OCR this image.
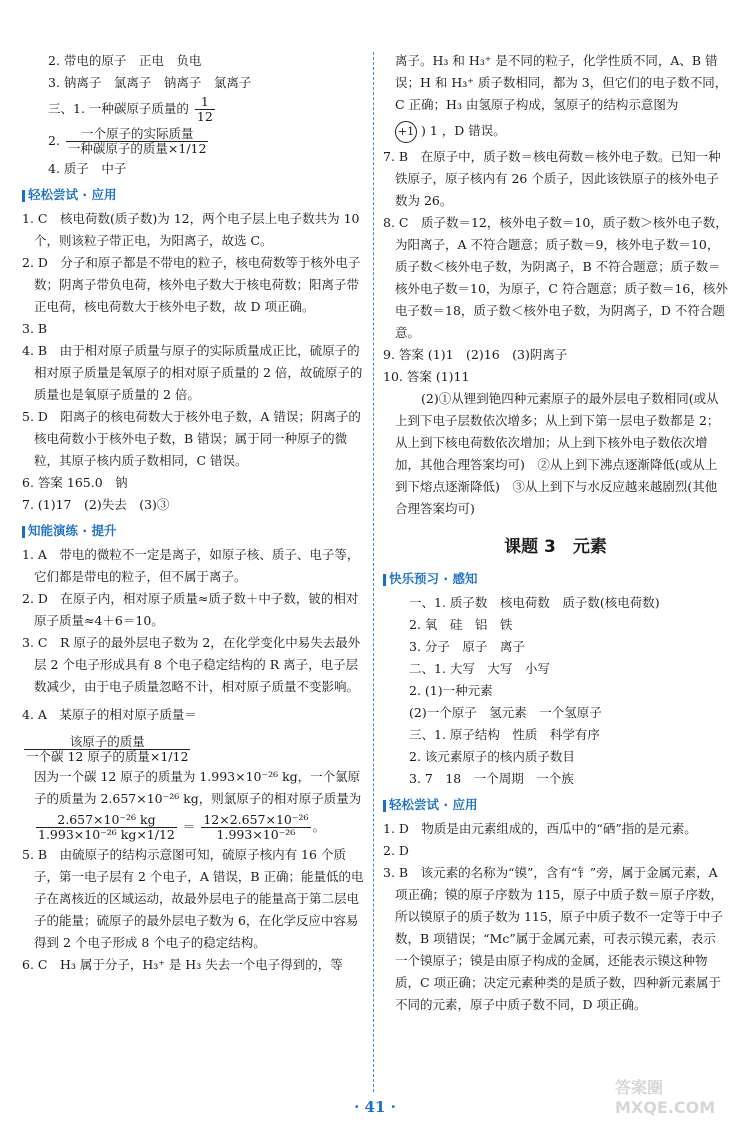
2. 带电的原子　正电　负电

3. 钠离子　氯离子　钠离子　氯离子

三、1. 一种碳原子质量的 $\frac{1}{12}$

2. $\frac{\text{一个原子的实际质量}}{\text{一种碳原子的质量×1/12}}$

4. 质子　中子

轻松尝试 · 应用

1. C　核电荷数(质子数)为 12，两个电子层上电子数共为 10 个，则该粒子带正电，为阳离子，故选 C。

2. D　分子和原子都是不带电的粒子，核电荷数等于核外电子数；阴离子带负电荷，核外电子数大于核电荷数；阳离子带正电荷，核电荷数大于核外电子数，故 D 项正确。

3. B

4. B　由于相对原子质量与原子的实际质量成正比，硫原子的相对原子质量是氧原子的相对原子质量的 2 倍，故硫原子的质量也是氧原子质量的 2 倍。

5. D　阳离子的核电荷数大于核外电子数，A 错误；阴离子的核电荷数小于核外电子数，B 错误；属于同一种原子的微粒，其原子核内质子数相同，C 错误。

6. 答案 165.0　钠

7. (1)17　(2)失去　(3)③

知能演练 · 提升

1. A　带电的微粒不一定是离子，如原子核、质子、电子等，它们都是带电的粒子，但不属于离子。

2. D　在原子内，相对原子质量≈质子数＋中子数，铍的相对原子质量≈4＋6＝10。

3. C　R 原子的最外层电子数为 2，在化学变化中易失去最外层 2 个电子形成具有 8 个电子稳定结构的 R 离子，电子层数减少，由于电子质量忽略不计，相对原子质量不变影响。

4. A　某原子的相对原子质量＝
$\frac{\text{该原子的质量}}{\text{一个碳 12 原子的质量×1/12}}$

因为一个碳 12 原子的质量为 1.993×10⁻²⁶ kg，一个氯原子的质量为 2.657×10⁻²⁶ kg，则氯原子的相对原子质量为

$\frac{\text{2.657×10⁻²⁶ kg}}{\text{1.993×10⁻²⁶ kg×1/12}} = \frac{\text{12×2.657×10⁻²⁶}}{\text{1.993×10⁻²⁶}}$ 。

5. B　由硫原子的结构示意图可知，硫原子核内有 16 个质子，第一电子层有 2 个电子，A 错误，B 正确；能量低的电子在离核近的区域运动，故最外层电子的能量高于第二层电子的能量；硫原子的最外层电子数为 6，在化学反应中容易得到 2 个电子形成 8 个电子的稳定结构。

6. C　H₃ 属于分子，H₃⁺ 是 H₃ 失去一个电子得到的，等

离子。H₃ 和 H₃⁺ 是不同的粒子，化学性质不同，A、B 错误；H 和 H₃⁺ 质子数相同，都为 3，但它们的电子数不同，C 正确；H₃ 由氢原子构成，氢原子的结构示意图为

+1 ) 1 ，D 错误。

7. B　在原子中，质子数＝核电荷数＝核外电子数。已知一种铁原子，原子核内有 26 个质子，因此该铁原子的核外电子数为 26。

8. C　质子数＝12，核外电子数＝10，质子数＞核外电子数，为阳离子，A 不符合题意；质子数＝9，核外电子数＝10，质子数＜核外电子数，为阴离子，B 不符合题意；质子数＝核外电子数＝10，为原子，C 符合题意；质子数＝16，核外电子数＝18，质子数＜核外电子数，为阴离子，D 不符合题意。

9. 答案 (1)1　(2)16　(3)阴离子

10. 答案 (1)11

(2)①从锂到铯四种元素原子的最外层电子数相同(或从上到下电子层数依次增多；从上到下第一层电子数都是 2；从上到下核电荷数依次增加；从上到下核外电子数依次增加，其他合理答案均可)　②从上到下沸点逐渐降低(或从上到下熔点逐渐降低)　③从上到下与水反应越来越剧烈(其他合理答案均可)

课题 3　元素
快乐预习 · 感知

一、1. 质子数　核电荷数　质子数(核电荷数)

2. 氧　硅　铝　铁

3. 分子　原子　离子

二、1. 大写　大写　小写

2. (1)一种元素

(2)一个原子　氢元素　一个氢原子

三、1. 原子结构　性质　科学有序

2. 该元素原子的核内质子数目

3. 7　18　一个周期　一个族

轻松尝试 · 应用

1. D　物质是由元素组成的，西瓜中的“硒”指的是元素。

2. D

3. B　该元素的名称为“镆”，含有“钅”旁，属于金属元素，A 项正确；镆的原子序数为 115，原子中质子数＝原子序数，所以镆原子的质子数为 115，原子中质子数不一定等于中子数，B 项错误；“Mc”属于金属元素，可表示镆元素，表示一个镆原子；镆是由原子构成的金属，还能表示镆这种物质，C 项正确；决定元素种类的是质子数，四种新元素属于不同的元素，原子中质子数不同，D 项正确。

· 41 ·
答案圈 MXQE.COM
